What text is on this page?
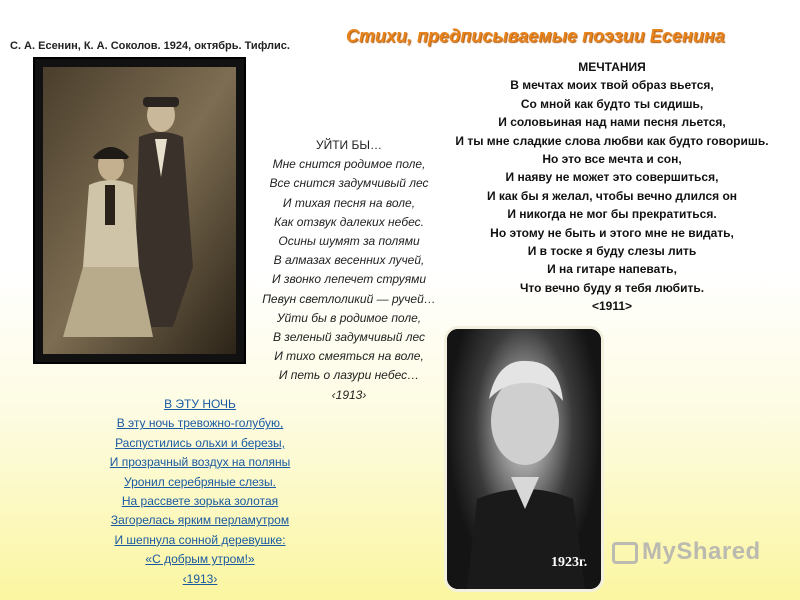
С. А. Есенин, К. А. Соколов. 1924, октябрь. Тифлис.	Стихи, предписываемые поэзии Есенина
УЙТИ БЫ…
Мне снится родимое поле,
Все снится задумчивый лес
И тихая песня на воле,
Как отзвук далеких небес.
Осины шумят за полями
В алмазах весенних лучей,
И звонко лепечет струями
Певун светлоликий — ручей…
Уйти бы в родимое поле,
В зеленый задумчивый лес
И тихо смеяться на воле,
И петь о лазури небес…
‹1913›
МЕЧТАНИЯ
В мечтах моих твой образ вьется,
Со мной как будто ты сидишь,
И соловьиная над нами песня льется,
И ты мне сладкие слова любви как будто говоришь.
Но это все мечта и сон,
И наяву не может это совершиться,
И как бы я желал, чтобы вечно длился он
И никогда не мог бы прекратиться.
Но этому не быть и этого мне не видать,
И в тоске я буду слезы лить
И на гитаре напевать,
Что вечно буду я тебя любить.
<1911>
В ЭТУ НОЧЬ
В эту ночь тревожно-голубую,
Распустились ольхи и березы,
И прозрачный воздух на поляны
Уронил серебряные слезы.
На рассвете зорька золотая
Загорелась ярким перламутром
И шепнула сонной деревушке:
«С добрым утром!»
‹1913›
1923г.	MyShared
